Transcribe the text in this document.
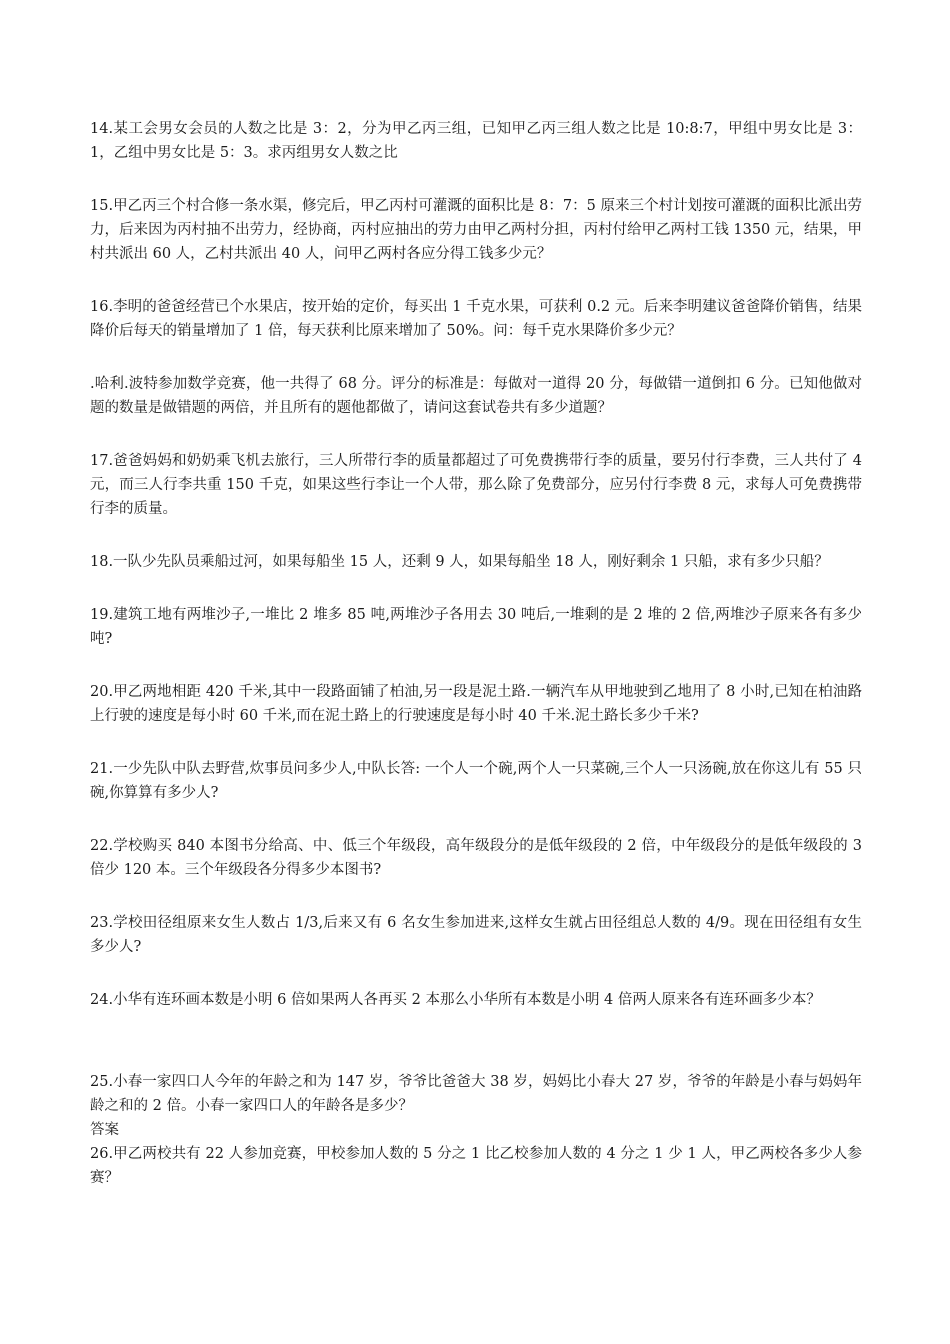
14.某工会男女会员的人数之比是 3：2，分为甲乙丙三组，已知甲乙丙三组人数之比是 10:8:7，甲组中男女比是 3：1，乙组中男女比是 5：3。求丙组男女人数之比

15.甲乙丙三个村合修一条水渠，修完后，甲乙丙村可灌溉的面积比是 8：7：5 原来三个村计划按可灌溉的面积比派出劳力，后来因为丙村抽不出劳力，经协商，丙村应抽出的劳力由甲乙两村分担，丙村付给甲乙两村工钱 1350 元，结果，甲村共派出 60 人，乙村共派出 40 人，问甲乙两村各应分得工钱多少元？

16.李明的爸爸经营已个水果店，按开始的定价，每买出 1 千克水果，可获利 0.2 元。后来李明建议爸爸降价销售，结果降价后每天的销量增加了 1 倍，每天获利比原来增加了 50%。问：每千克水果降价多少元？

.哈利.波特参加数学竞赛，他一共得了 68 分。评分的标准是：每做对一道得 20 分，每做错一道倒扣 6 分。已知他做对题的数量是做错题的两倍，并且所有的题他都做了，请问这套试卷共有多少道题？

17.爸爸妈妈和奶奶乘飞机去旅行，三人所带行李的质量都超过了可免费携带行李的质量，要另付行李费，三人共付了 4 元，而三人行李共重 150 千克，如果这些行李让一个人带，那么除了免费部分，应另付行李费 8 元，求每人可免费携带行李的质量。

18.一队少先队员乘船过河，如果每船坐 15 人，还剩 9 人，如果每船坐 18 人，刚好剩余 1 只船，求有多少只船？

19.建筑工地有两堆沙子,一堆比 2 堆多 85 吨,两堆沙子各用去 30 吨后,一堆剩的是 2 堆的 2 倍,两堆沙子原来各有多少吨?

20.甲乙两地相距 420 千米,其中一段路面铺了柏油,另一段是泥土路.一辆汽车从甲地驶到乙地用了 8 小时,已知在柏油路上行驶的速度是每小时 60 千米,而在泥土路上的行驶速度是每小时 40 千米.泥土路长多少千米?

21.一少先队中队去野营,炊事员问多少人,中队长答: 一个人一个碗,两个人一只菜碗,三个人一只汤碗,放在你这儿有 55 只碗,你算算有多少人?

22.学校购买 840 本图书分给高、中、低三个年级段，高年级段分的是低年级段的 2 倍，中年级段分的是低年级段的 3 倍少 120 本。三个年级段各分得多少本图书?

23.学校田径组原来女生人数占 1/3,后来又有 6 名女生参加进来,这样女生就占田径组总人数的 4/9。现在田径组有女生多少人?

24.小华有连环画本数是小明 6 倍如果两人各再买 2 本那么小华所有本数是小明 4 倍两人原来各有连环画多少本？

25.小春一家四口人今年的年龄之和为 147 岁，爷爷比爸爸大 38 岁，妈妈比小春大 27 岁，爷爷的年龄是小春与妈妈年龄之和的 2 倍。小春一家四口人的年龄各是多少？

答案

26.甲乙两校共有 22 人参加竞赛，甲校参加人数的 5 分之 1 比乙校参加人数的 4 分之 1 少 1 人，甲乙两校各多少人参赛？
